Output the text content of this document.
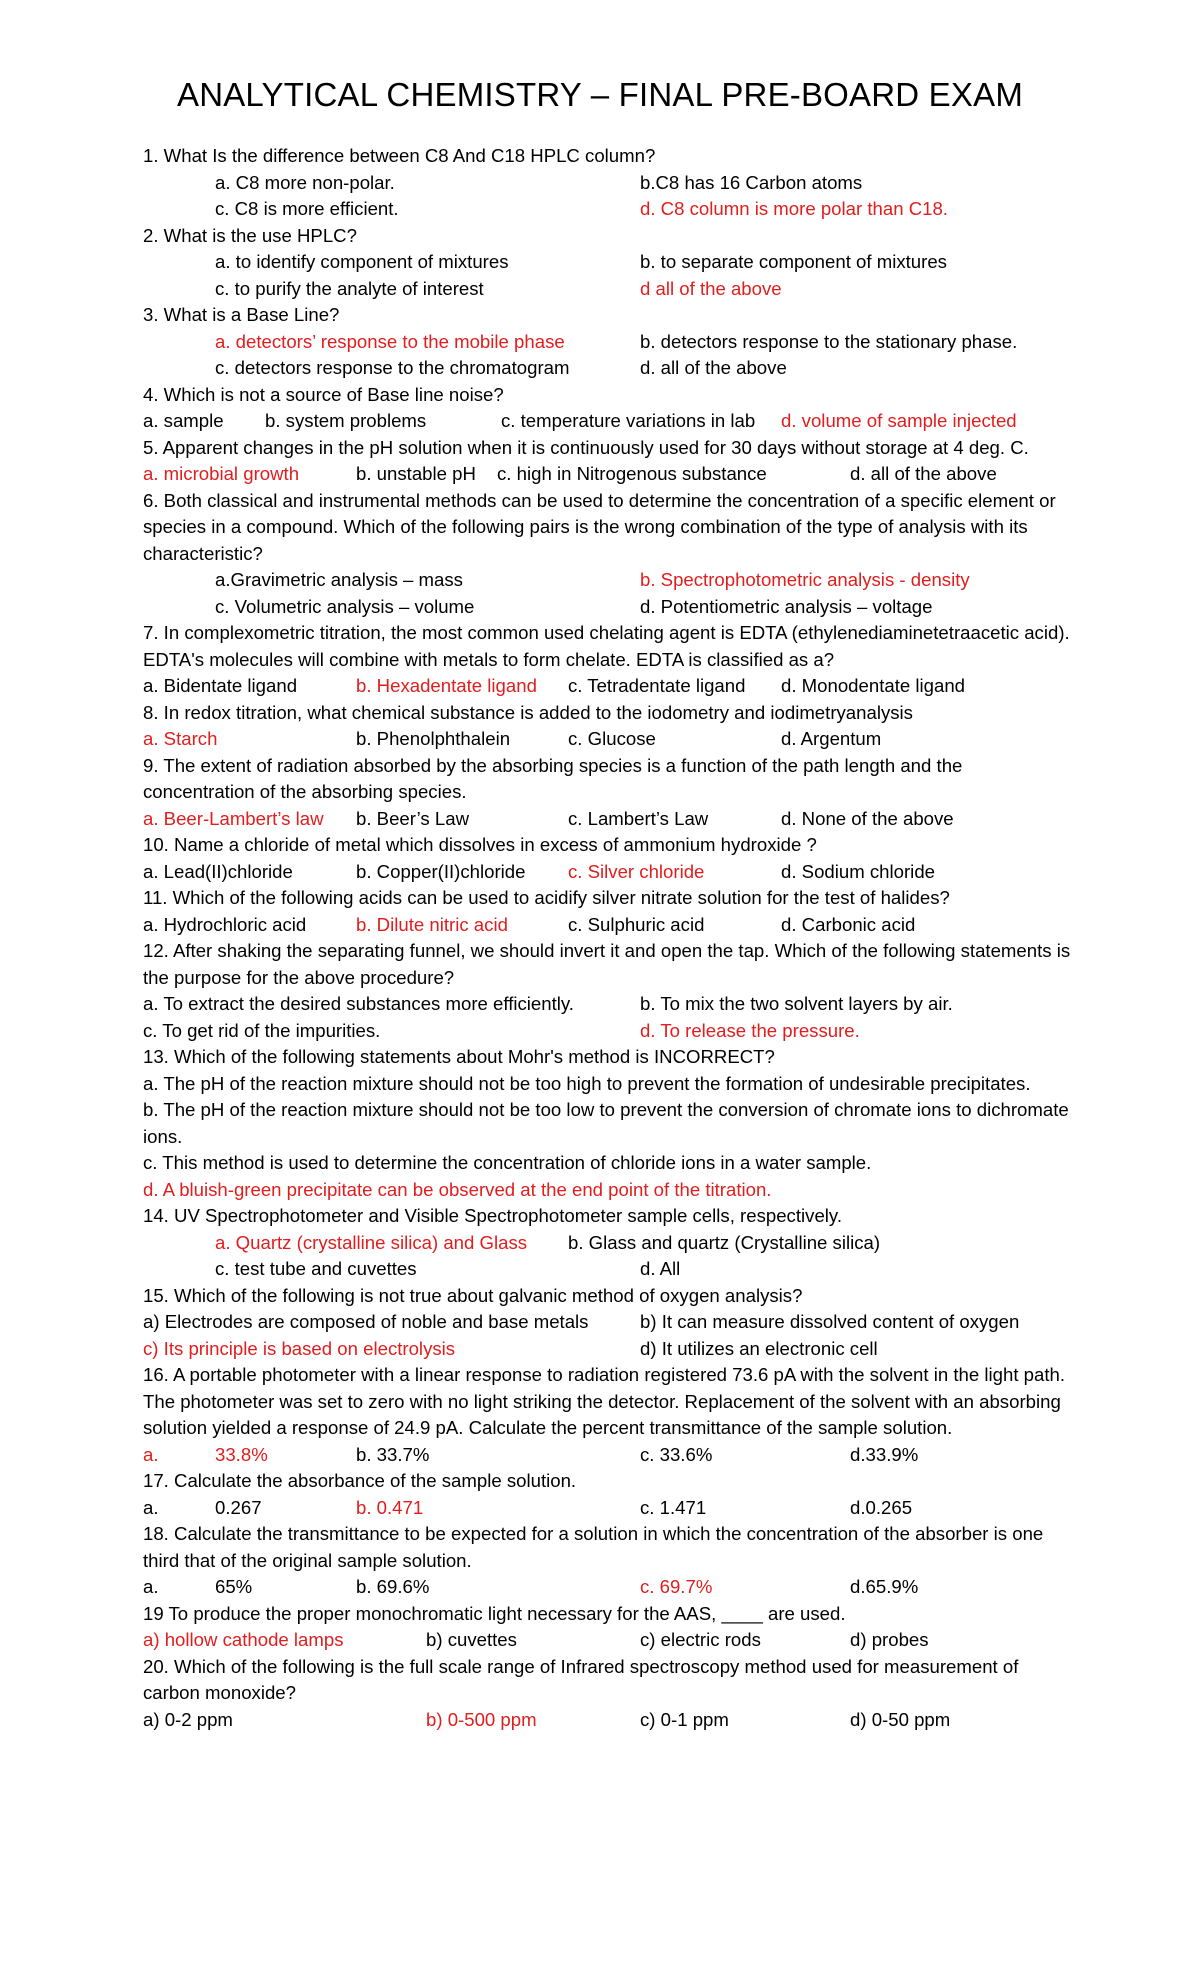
ANALYTICAL CHEMISTRY – FINAL PRE-BOARD EXAM
1. What Is the difference between C8 And C18 HPLC column?
a. C8 more non-polar.	b.C8 has 16 Carbon atoms
c. C8 is more efficient.	d. C8 column is more polar than C18.
2. What is the use HPLC?
a. to identify component of mixtures	b. to separate component of mixtures
c. to purify the analyte of interest	d all of the above
3. What is a Base Line?
a. detectors’ response to the mobile phase	b. detectors response to the stationary phase.
c. detectors response to the chromatogram	d. all of the above
4. Which is not a source of Base line noise?
a. sample b. system problems	c. temperature variations in lab d. volume of sample injected
5. Apparent changes in the pH solution when it is continuously used for 30 days without storage at 4 deg. C.
a. microbial growth	b. unstable pH c. high in Nitrogenous substance	d. all of the above
6. Both classical and instrumental methods can be used to determine the concentration of a specific element or species in a compound. Which of the following pairs is the wrong combination of the type of analysis with its characteristic?
a.Gravimetric analysis – mass	b. Spectrophotometric analysis - density
c. Volumetric analysis – volume	d. Potentiometric analysis – voltage
7. In complexometric titration, the most common used chelating agent is EDTA (ethylenediaminetetraacetic acid). EDTA's molecules will combine with metals to form chelate. EDTA is classified as a?
a. Bidentate ligand	b. Hexadentate ligand c. Tetradentate ligand d. Monodentate ligand
8. In redox titration, what chemical substance is added to the iodometry and iodimetryanalysis
a. Starch	b. Phenolphthalein	c. Glucose	d. Argentum
9. The extent of radiation absorbed by the absorbing species is a function of the path length and the concentration of the absorbing species.
a. Beer-Lambert’s law b. Beer’s Law	c. Lambert’s Law	d. None of the above
10. Name a chloride of metal which dissolves in excess of ammonium hydroxide ?
a. Lead(II)chloride	b. Copper(II)chloride c. Silver chloride	d. Sodium chloride
11. Which of the following acids can be used to acidify silver nitrate solution for the test of halides?
a. Hydrochloric acid	b. Dilute nitric acid	c. Sulphuric acid	d. Carbonic acid
12. After shaking the separating funnel, we should invert it and open the tap. Which of the following statements is the purpose for the above procedure?
a. To extract the desired substances more efficiently.	b. To mix the two solvent layers by air.
c. To get rid of the impurities.	d. To release the pressure.
13. Which of the following statements about Mohr's method is INCORRECT?
a. The pH of the reaction mixture should not be too high to prevent the formation of undesirable precipitates.
b. The pH of the reaction mixture should not be too low to prevent the conversion of chromate ions to dichromate ions.
c. This method is used to determine the concentration of chloride ions in a water sample.
d. A bluish-green precipitate can be observed at the end point of the titration.
14. UV Spectrophotometer and Visible Spectrophotometer sample cells, respectively.
a. Quartz (crystalline silica) and Glass b. Glass and quartz (Crystalline silica)
c. test tube and cuvettes	d. All
15. Which of the following is not true about galvanic method of oxygen analysis?
a) Electrodes are composed of noble and base metals	b) It can measure dissolved content of oxygen
c) Its principle is based on electrolysis	d) It utilizes an electronic cell
16. A portable photometer with a linear response to radiation registered 73.6 pA with the solvent in the light path. The photometer was set to zero with no light striking the detector. Replacement of the solvent with an absorbing solution yielded a response of 24.9 pA. Calculate the percent transmittance of the sample solution.
a.	33.8%	b. 33.7%	c. 33.6%	d.33.9%
17. Calculate the absorbance of the sample solution.
a.	0.267	b. 0.471	c. 1.471	d.0.265
18. Calculate the transmittance to be expected for a solution in which the concentration of the absorber is one third that of the original sample solution.
a.	65%	b. 69.6%	c. 69.7%	d.65.9%
19 To produce the proper monochromatic light necessary for the AAS, ____ are used.
a) hollow cathode lamps	b) cuvettes	c) electric rods	d) probes
20. Which of the following is the full scale range of Infrared spectroscopy method used for measurement of carbon monoxide?
a) 0-2 ppm	b) 0-500 ppm	c) 0-1 ppm	d) 0-50 ppm
